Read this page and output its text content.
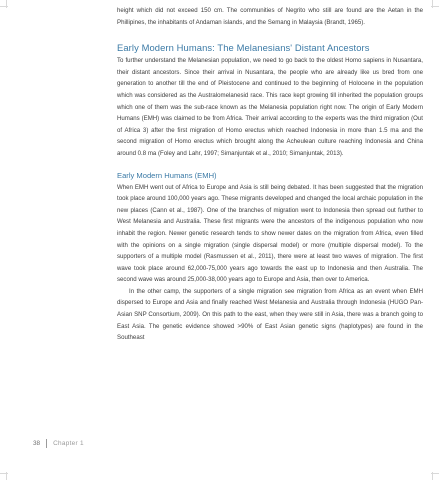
height which did not exceed 150 cm. The communities of Negrito who still are found are the Aetan in the Phillipines, the inhabitants of Andaman islands, and the Semang in Malaysia (Brandt, 1965).

Early Modern Humans: The Melanesians' Distant Ancestors

To further understand the Melanesian population, we need to go back to the oldest Homo sapiens in Nusantara, their distant ancestors. Since their arrival in Nusantara, the people who are already like us bred from one generation to another till the end of Pleistocene and continued to the beginning of Holocene in the population which was considered as the Australomelanesid race. This race kept growing till inherited the population groups which one of them was the sub-race known as the Melanesia population right now. The origin of Early Modern Humans (EMH) was claimed to be from Africa. Their arrival according to the experts was the third migration (Out of Africa 3) after the first migration of Homo erectus which reached Indonesia in more than 1.5 ma and the second migration of Homo erectus which brought along the Acheulean culture reaching Indonesia and China around 0.8 ma (Foley and Lahr, 1997; Simanjuntak et al., 2010; Simanjuntak, 2013).

Early Modern Humans (EMH)

When EMH went out of Africa to Europe and Asia is still being debated. It has been suggested that the migration took place around 100,000 years ago. These migrants developed and changed the local archaic population in the new places (Cann et al., 1987). One of the branches of migration went to Indonesia then spread out further to West Melanesia and Australia. These first migrants were the ancestors of the indigenous population who now inhabit the region. Newer genetic research tends to show newer dates on the migration from Africa, even filled with the opinions on a single migration (single dispersal model) or more (multiple dispersal model). To the supporters of a multiple model (Rasmussen et al., 2011), there were at least two waves of migration. The first wave took place around 62,000-75,000 years ago towards the east up to Indonesia and then Australia. The second wave was around 25,000-38,000 years ago to Europe and Asia, then over to America.

In the other camp, the supporters of a single migration see migration from Africa as an event when EMH dispersed to Europe and Asia and finally reached West Melanesia and Australia through Indonesia (HUGO Pan-Asian SNP Consortium, 2009). On this path to the east, when they were still in Asia, there was a branch going to East Asia. The genetic evidence showed >90% of East Asian genetic signs (haplotypes) are found in the Southeast

38 Chapter 1
